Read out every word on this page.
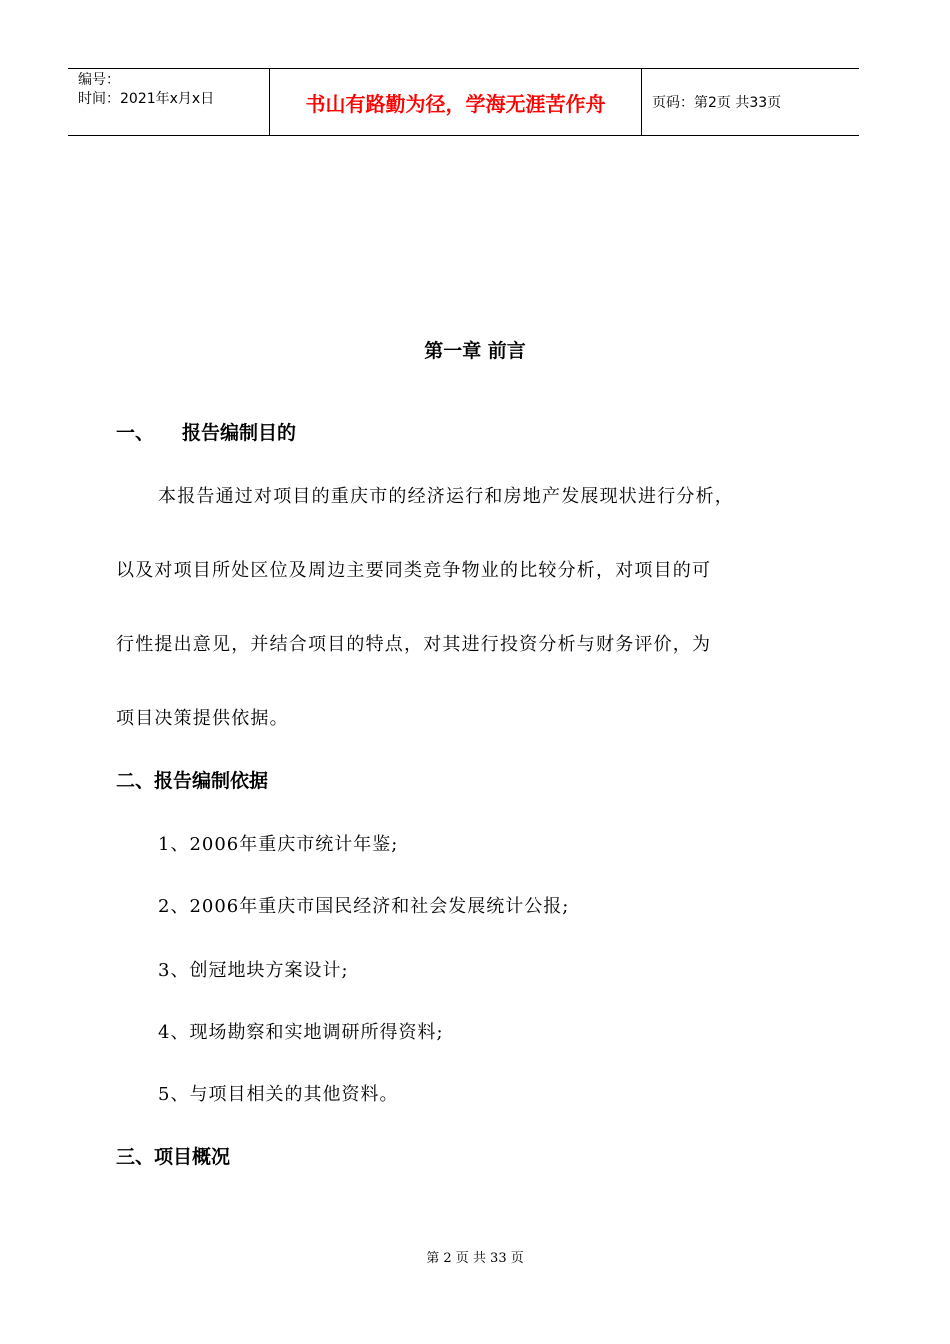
编号：
时间：2021年x月x日	书山有路勤为径，学海无涯苦作舟	页码：第2页 共33页
第一章 前言
一、 报告编制目的
本报告通过对项目的重庆市的经济运行和房地产发展现状进行分析，
以及对项目所处区位及周边主要同类竞争物业的比较分析，对项目的可
行性提出意见，并结合项目的特点，对其进行投资分析与财务评价，为
项目决策提供依据。
二、报告编制依据
1、2006年重庆市统计年鉴;
2、2006年重庆市国民经济和社会发展统计公报;
3、创冠地块方案设计;
4、现场勘察和实地调研所得资料;
5、与项目相关的其他资料。
三、项目概况
第 2 页 共 33 页
